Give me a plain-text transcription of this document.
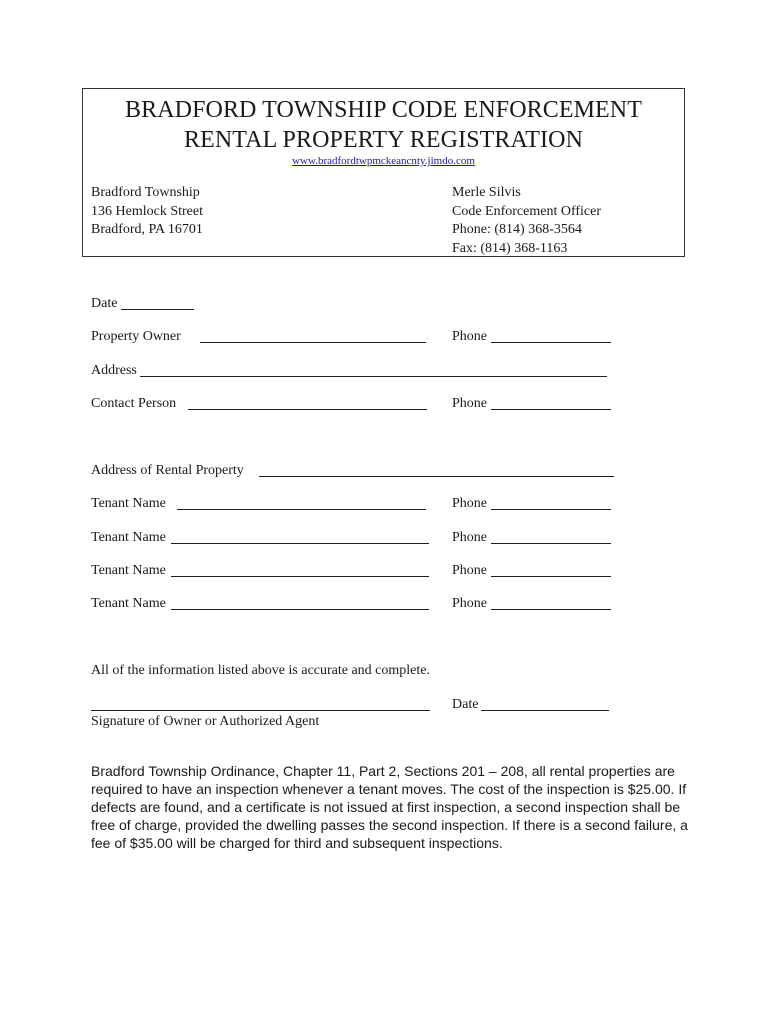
BRADFORD TOWNSHIP CODE ENFORCEMENT
RENTAL PROPERTY REGISTRATION
www.bradfordtwpmckeancnty.jimdo.com
Bradford Township
136 Hemlock Street
Bradford, PA 16701
Merle Silvis
Code Enforcement Officer
Phone: (814) 368-3564
Fax: (814) 368-1163
Date
Property Owner	Phone
Address
Contact Person	Phone
Address of Rental Property
Tenant Name	Phone
Tenant Name	Phone
Tenant Name	Phone
Tenant Name	Phone
All of the information listed above is accurate and complete.
Date
Signature of Owner or Authorized Agent
Bradford Township Ordinance, Chapter 11, Part 2, Sections 201 – 208, all rental properties are required to have an inspection whenever a tenant moves. The cost of the inspection is $25.00. If defects are found, and a certificate is not issued at first inspection, a second inspection shall be free of charge, provided the dwelling passes the second inspection. If there is a second failure, a fee of $35.00 will be charged for third and subsequent inspections.
